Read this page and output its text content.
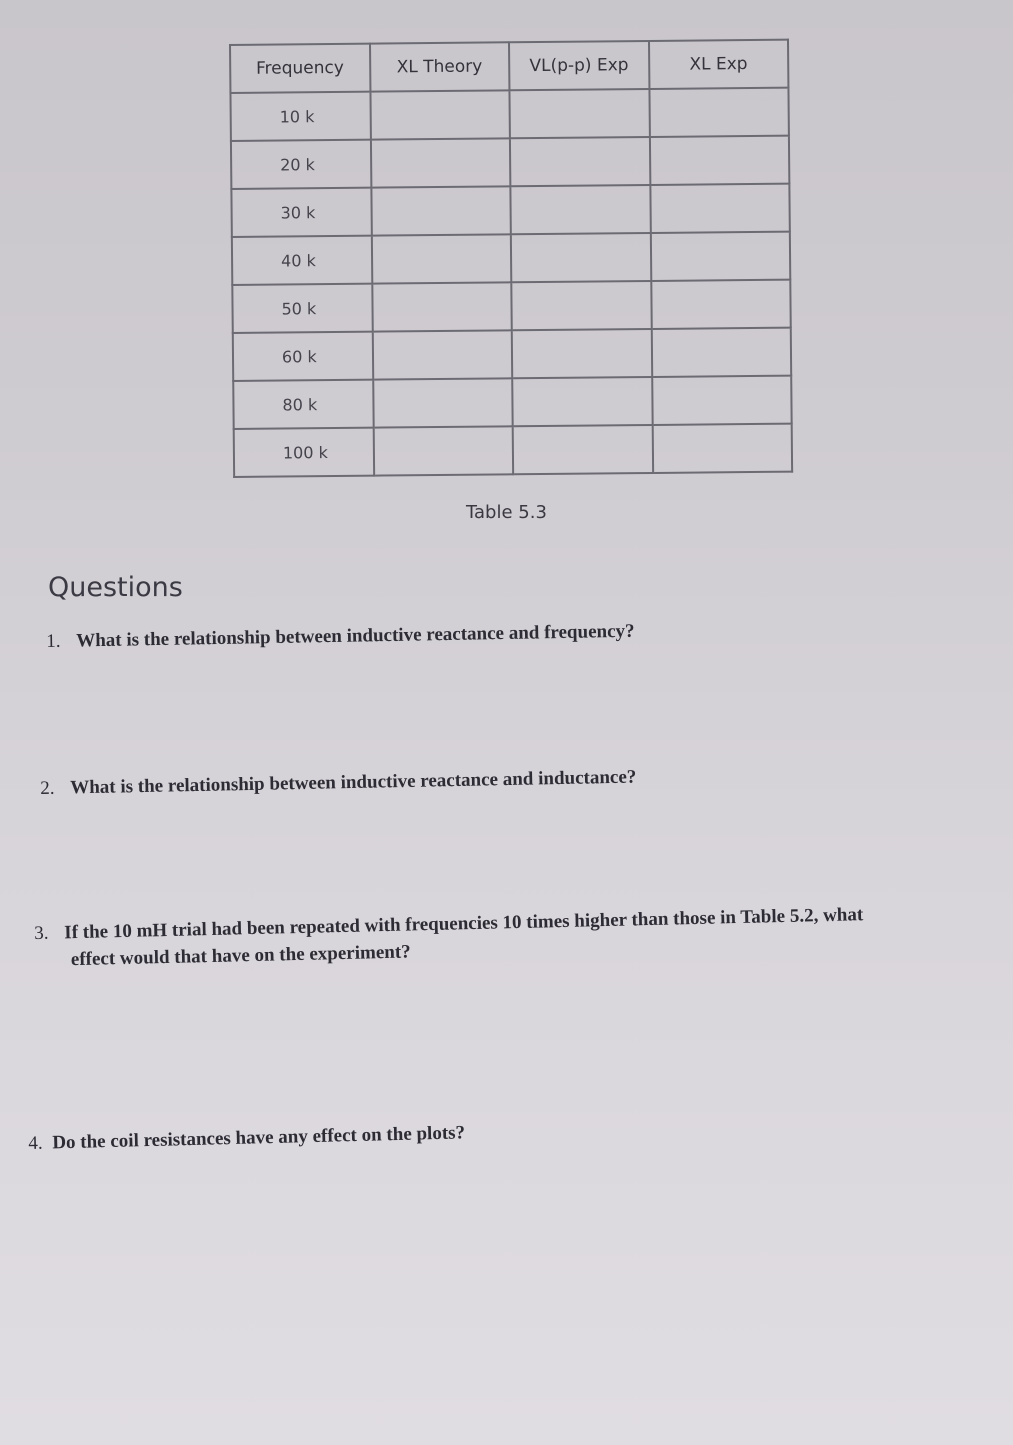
Frequency	XL Theory	VL(p-p) Exp	XL Exp
10 k			
20 k			
30 k			
40 k			
50 k			
60 k			
80 k			
100 k			
Table 5.3
Questions
1. What is the relationship between inductive reactance and frequency?
2. What is the relationship between inductive reactance and inductance?
3. If the 10 mH trial had been repeated with frequencies 10 times higher than those in Table 5.2, what
effect would that have on the experiment?
4. Do the coil resistances have any effect on the plots?
